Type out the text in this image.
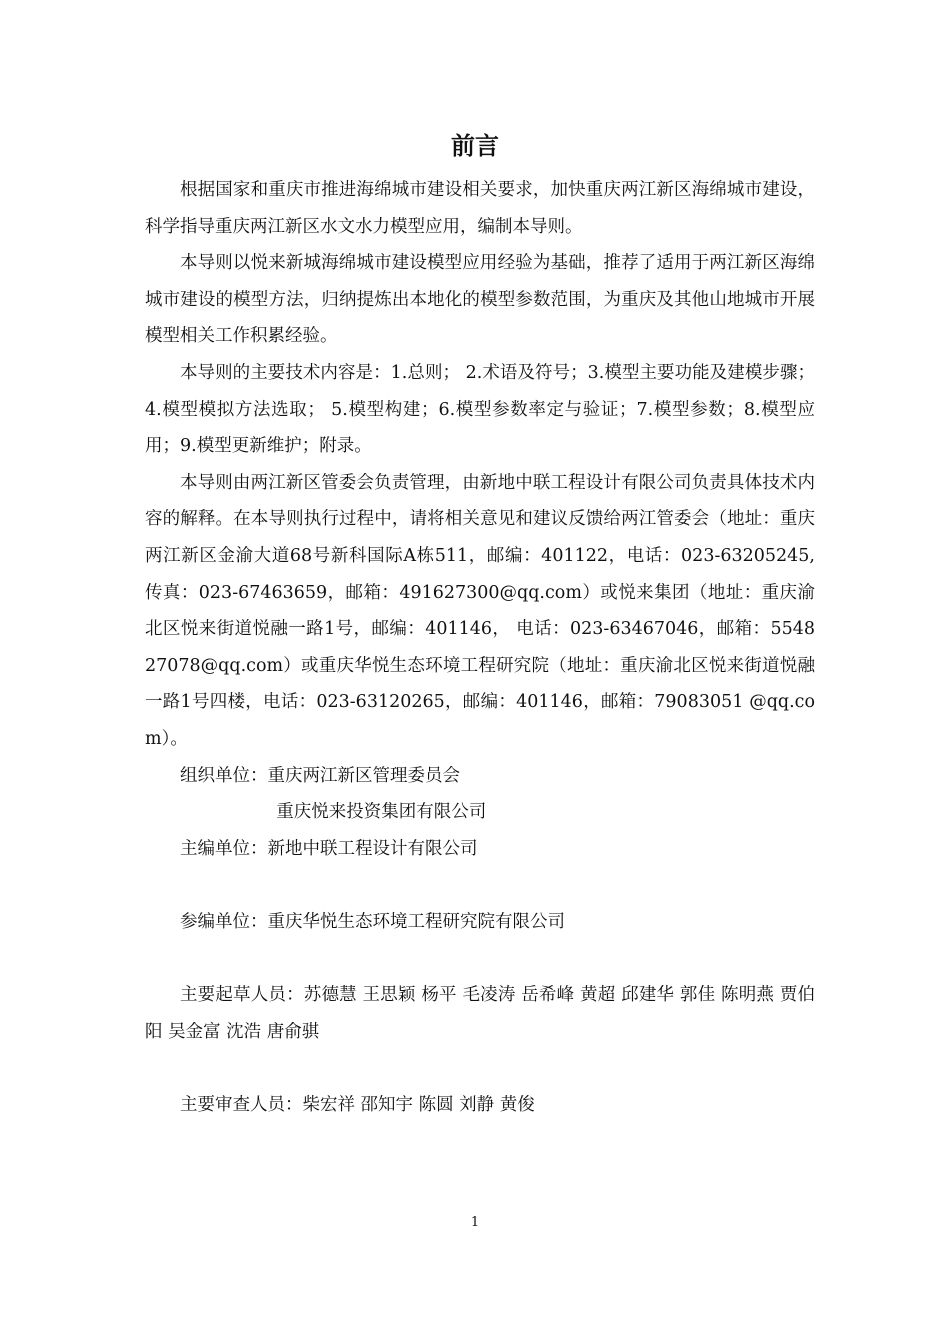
前言

根据国家和重庆市推进海绵城市建设相关要求，加快重庆两江新区海绵城市建设，科学指导重庆两江新区水文水力模型应用，编制本导则。

本导则以悦来新城海绵城市建设模型应用经验为基础，推荐了适用于两江新区海绵城市建设的模型方法，归纳提炼出本地化的模型参数范围，为重庆及其他山地城市开展模型相关工作积累经验。

本导则的主要技术内容是：1.总则； 2.术语及符号；3.模型主要功能及建模步骤；4.模型模拟方法选取； 5.模型构建；6.模型参数率定与验证；7.模型参数；8.模型应用；9.模型更新维护；附录。

本导则由两江新区管委会负责管理，由新地中联工程设计有限公司负责具体技术内容的解释。在本导则执行过程中，请将相关意见和建议反馈给两江管委会（地址：重庆两江新区金渝大道68号新科国际A栋511，邮编：401122，电话：023-63205245,传真：023-67463659，邮箱：491627300@qq.com）或悦来集团（地址：重庆渝北区悦来街道悦融一路1号，邮编：401146， 电话：023-63467046，邮箱：554827078@qq.com）或重庆华悦生态环境工程研究院（地址：重庆渝北区悦来街道悦融一路1号四楼，电话：023-63120265，邮编：401146，邮箱：79083051 @qq.com）。

组织单位：重庆两江新区管理委员会

重庆悦来投资集团有限公司

主编单位：新地中联工程设计有限公司

参编单位：重庆华悦生态环境工程研究院有限公司

主要起草人员：苏德慧 王思颖 杨平 毛凌涛 岳希峰 黄超 邱建华 郭佳 陈明燕 贾伯阳 吴金富 沈浩 唐俞骐

主要审查人员：柴宏祥 邵知宇 陈圆 刘静 黄俊

1
